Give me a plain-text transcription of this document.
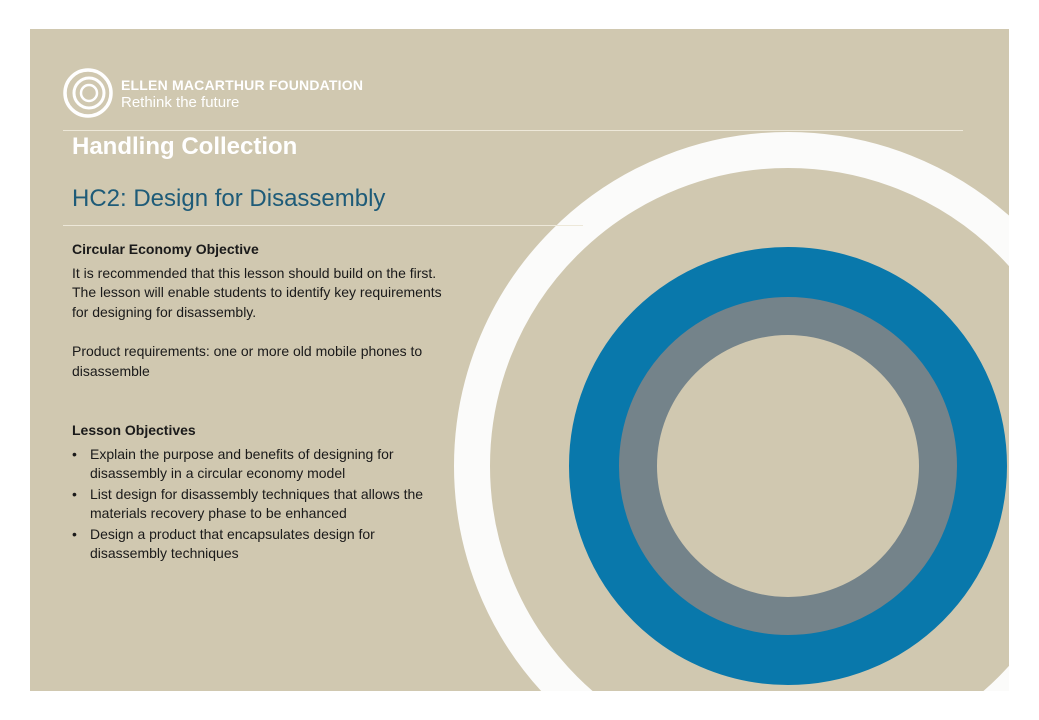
ELLEN MACARTHUR FOUNDATION
Rethink the future
Handling Collection
HC2: Design for Disassembly
Circular Economy Objective

It is recommended that this lesson should build on the first. The lesson will enable students to identify key requirements for designing for disassembly.

Product requirements: one or more old mobile phones to disassemble

Lesson Objectives
• Explain the purpose and benefits of designing for disassembly in a circular economy model
• List design for disassembly techniques that allows the materials recovery phase to be enhanced
• Design a product that encapsulates design for disassembly techniques
